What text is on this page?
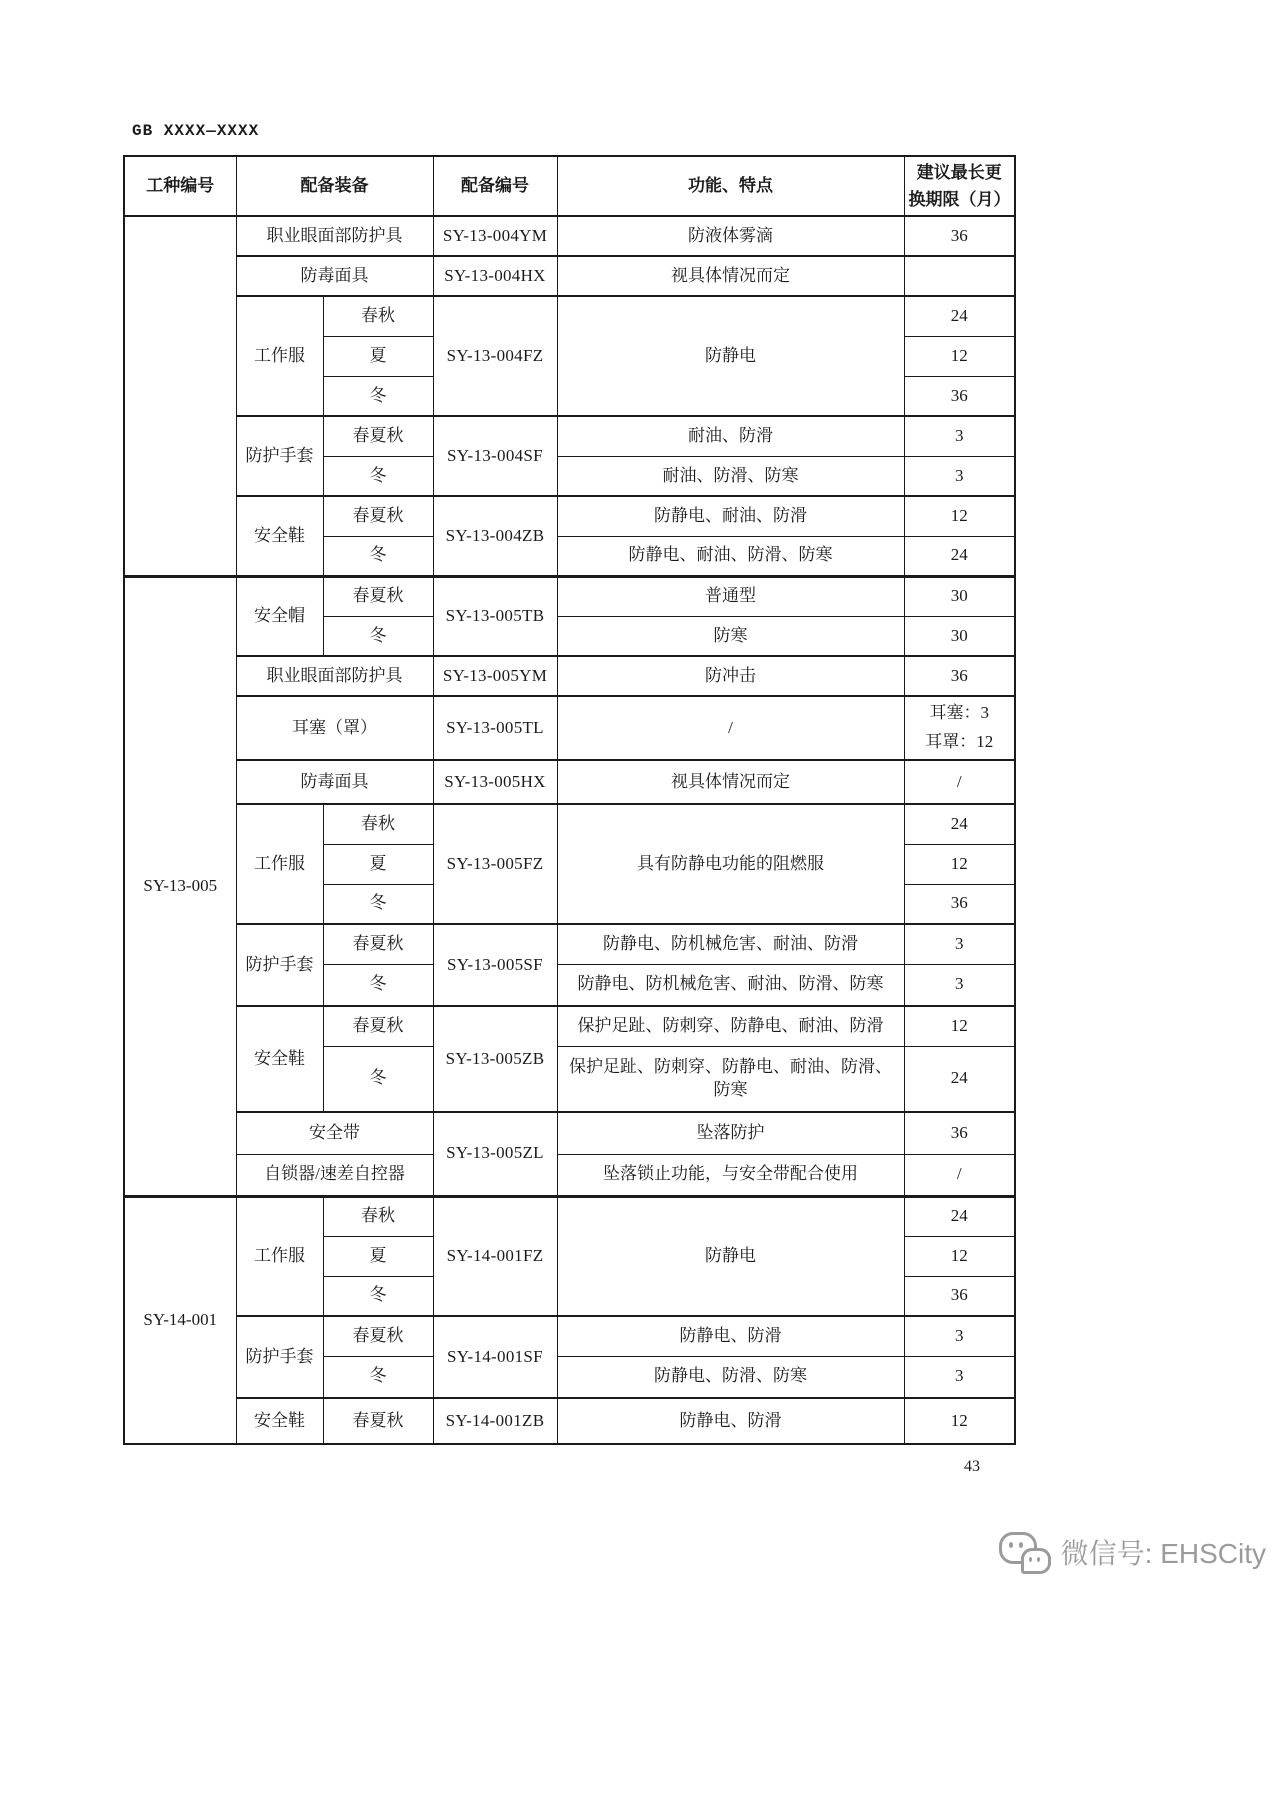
GB XXXX—XXXX
工种编号	配备装备		配备编号	功能、特点	建议最长更
换期限（月）

	职业眼面部防护具		SY-13-004YM	防液体雾滴	36
	防毒面具		SY-13-004HX	视具体情况而定	
	工作服	春秋	SY-13-004FZ	防静电	24
		夏			12
		冬			36
	防护手套	春夏秋	SY-13-004SF	耐油、防滑	3
		冬		耐油、防滑、防寒	3
	安全鞋	春夏秋	SY-13-004ZB	防静电、耐油、防滑	12
		冬		防静电、耐油、防滑、防寒	24
SY-13-005	安全帽	春夏秋	SY-13-005TB	普通型	30
		冬		防寒	30
	职业眼面部防护具		SY-13-005YM	防冲击	36
	耳塞（罩）		SY-13-005TL	/	耳塞：3
耳罩：12

	防毒面具		SY-13-005HX	视具体情况而定	/
	工作服	春秋	SY-13-005FZ	具有防静电功能的阻燃服	24
		夏			12
		冬			36
	防护手套	春夏秋	SY-13-005SF	防静电、防机械危害、耐油、防滑	3
		冬		防静电、防机械危害、耐油、防滑、防寒	3
	安全鞋	春夏秋	SY-13-005ZB	保护足趾、防刺穿、防静电、耐油、防滑	12
		冬		保护足趾、防刺穿、防静电、耐油、防滑、防寒	24
	安全带		SY-13-005ZL	坠落防护	36
	自锁器/速差自控器			坠落锁止功能，与安全带配合使用	/
SY-14-001	工作服	春秋	SY-14-001FZ	防静电	24
		夏			12
		冬			36
	防护手套	春夏秋	SY-14-001SF	防静电、防滑	3
		冬		防静电、防滑、防寒	3
	安全鞋	春夏秋	SY-14-001ZB	防静电、防滑	12
43
微信号: EHSCity
